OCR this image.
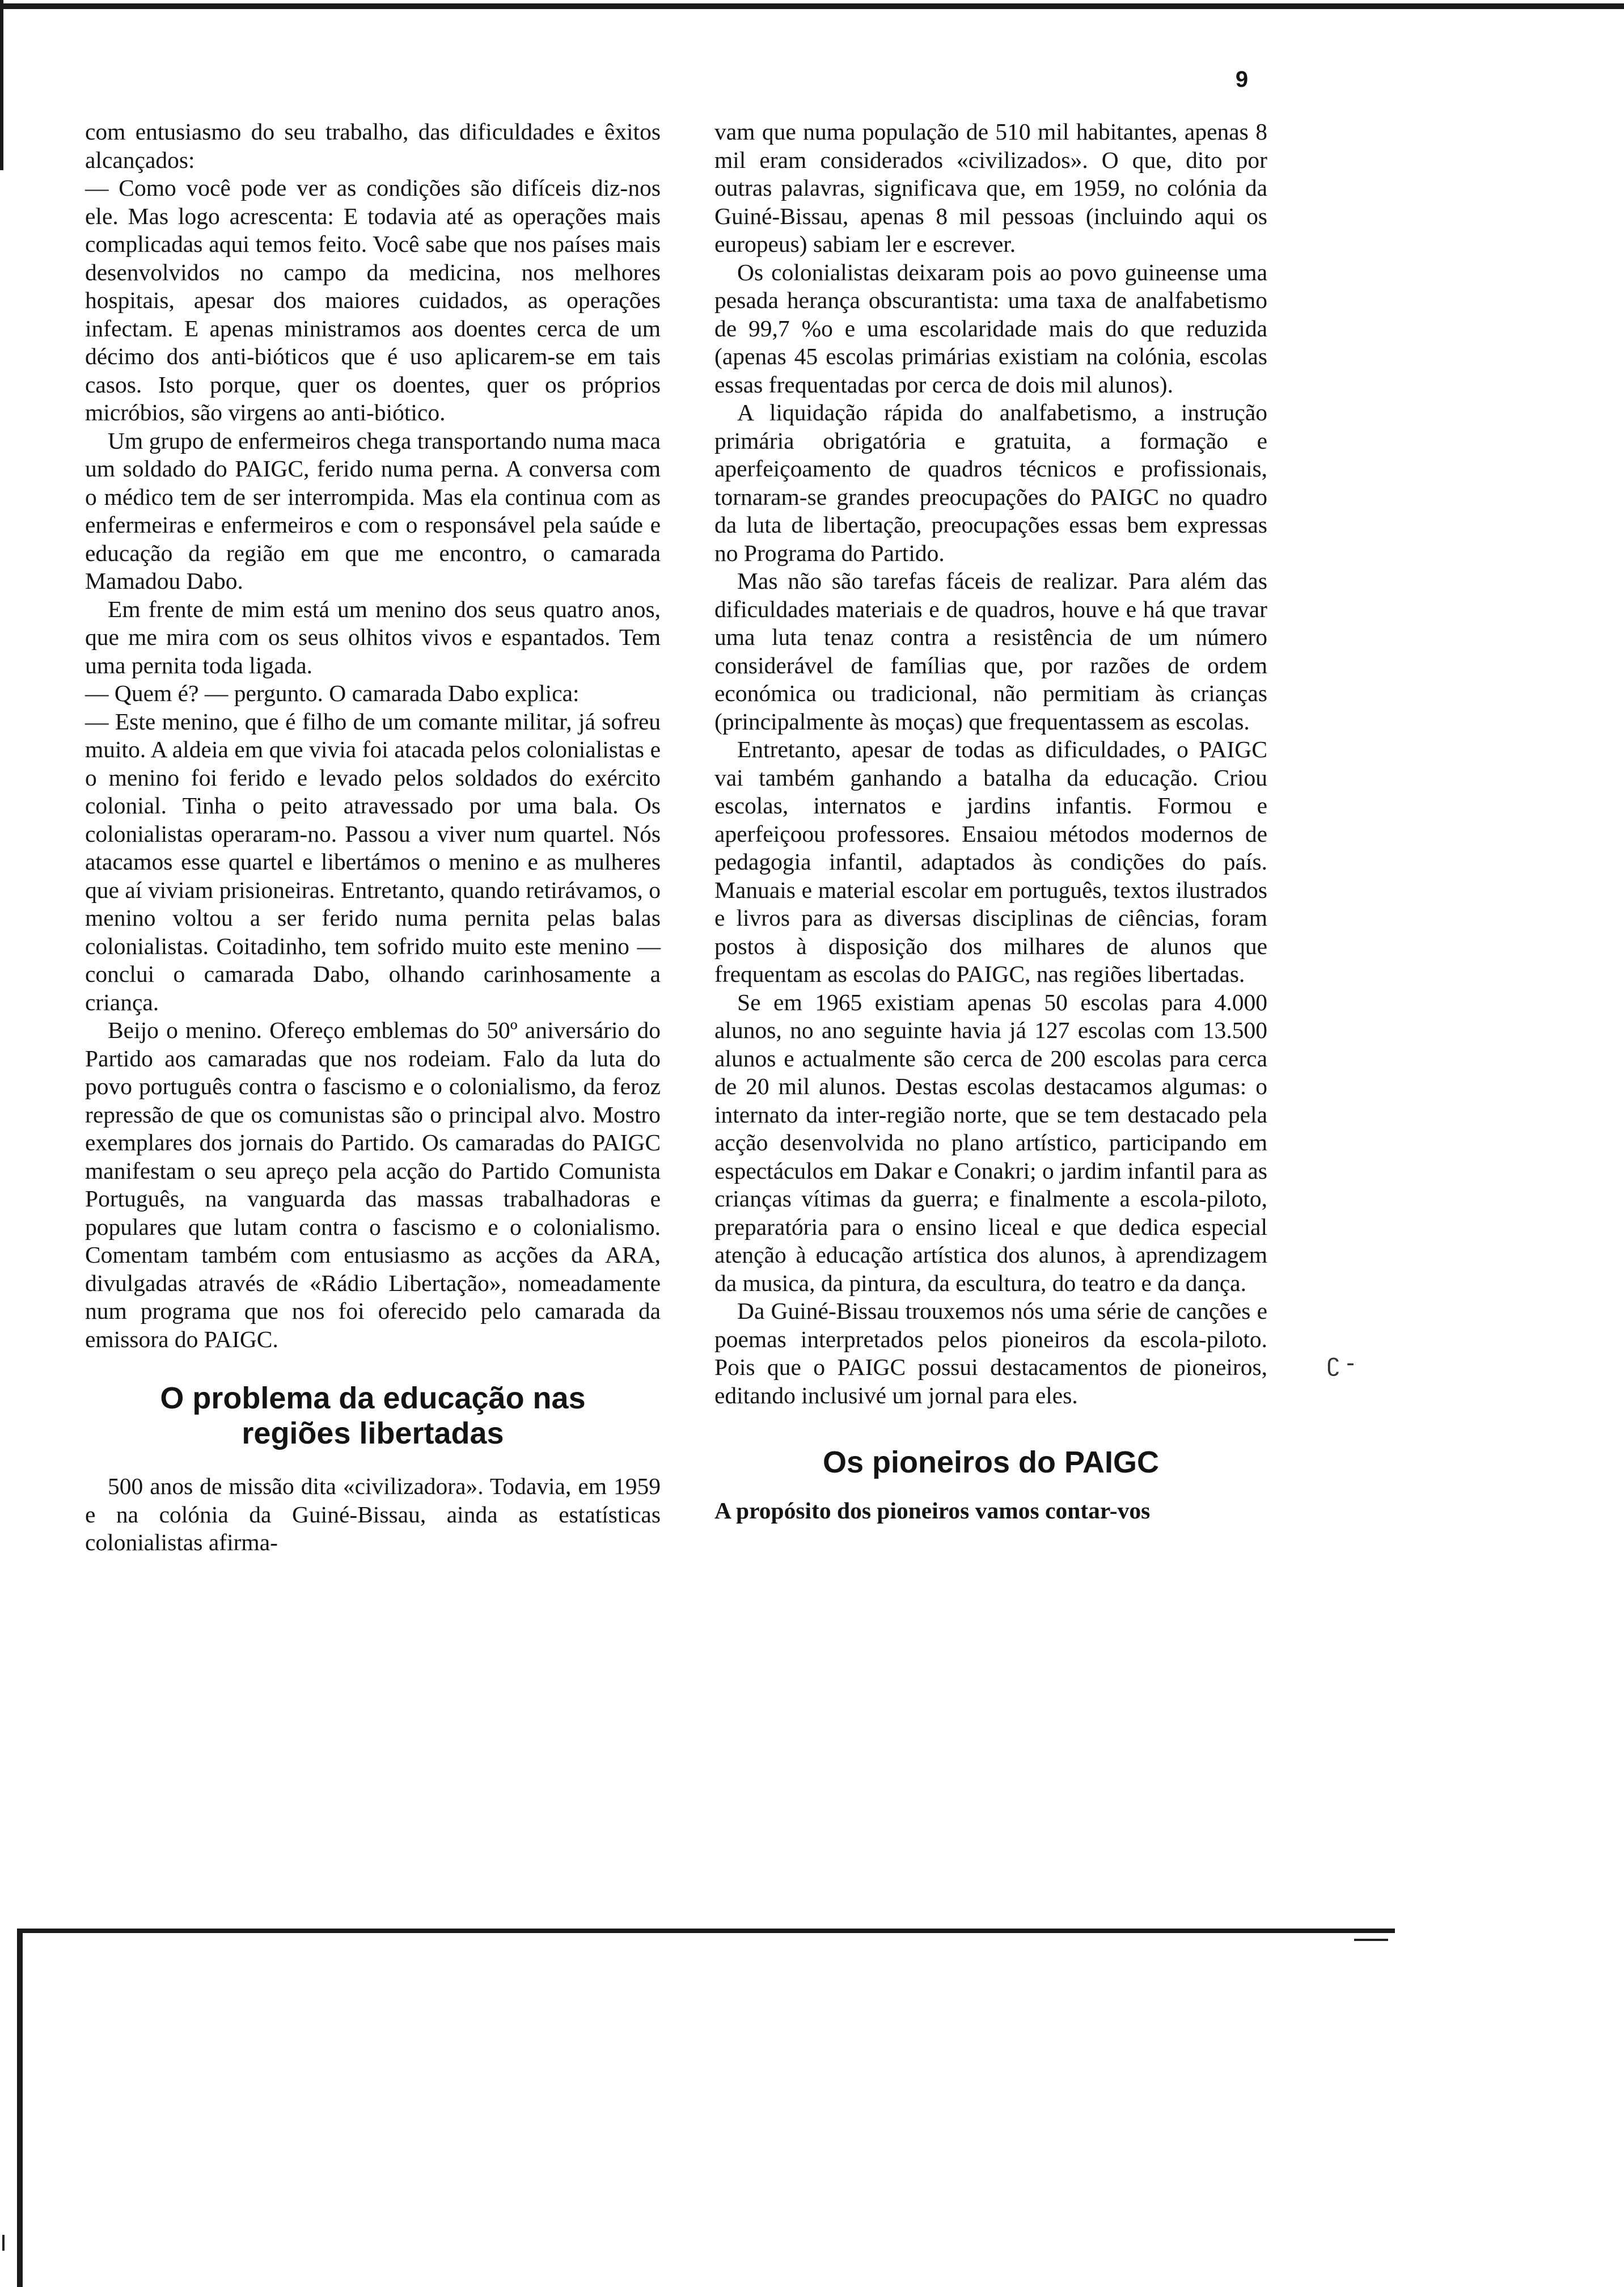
9

com entusiasmo do seu trabalho, das dificuldades e êxitos alcançados:

— Como você pode ver as condições são difíceis diz-nos ele. Mas logo acrescenta: E todavia até as operações mais complicadas aqui temos feito. Você sabe que nos países mais desenvolvidos no campo da medicina, nos melhores hospitais, apesar dos maiores cuidados, as operações infectam. E apenas ministramos aos doentes cerca de um décimo dos anti-bióticos que é uso aplicarem-se em tais casos. Isto porque, quer os doentes, quer os próprios micróbios, são virgens ao anti-biótico.

Um grupo de enfermeiros chega transportando numa maca um soldado do PAIGC, ferido numa perna. A conversa com o médico tem de ser interrompida. Mas ela continua com as enfermeiras e enfermeiros e com o responsável pela saúde e educação da região em que me encontro, o camarada Mamadou Dabo.

Em frente de mim está um menino dos seus quatro anos, que me mira com os seus olhitos vivos e espantados. Tem uma pernita toda ligada.

— Quem é? — pergunto. O camarada Dabo explica:

— Este menino, que é filho de um comante militar, já sofreu muito. A aldeia em que vivia foi atacada pelos colonialistas e o menino foi ferido e levado pelos soldados do exército colonial. Tinha o peito atravessado por uma bala. Os colonialistas operaram-no. Passou a viver num quartel. Nós atacamos esse quartel e libertámos o menino e as mulheres que aí viviam prisioneiras. Entretanto, quando retirávamos, o menino voltou a ser ferido numa pernita pelas balas colonialistas. Coitadinho, tem sofrido muito este menino — conclui o camarada Dabo, olhando carinhosamente a criança.

Beijo o menino. Ofereço emblemas do 50º aniversário do Partido aos camaradas que nos rodeiam. Falo da luta do povo português contra o fascismo e o colonialismo, da feroz repressão de que os comunistas são o principal alvo. Mostro exemplares dos jornais do Partido. Os camaradas do PAIGC manifestam o seu apreço pela acção do Partido Comunista Português, na vanguarda das massas trabalhadoras e populares que lutam contra o fascismo e o colonialismo. Comentam também com entusiasmo as acções da ARA, divulgadas através de «Rádio Libertação», nomeadamente num programa que nos foi oferecido pelo camarada da emissora do PAIGC.

O problema da educação nas
regiões libertadas

500 anos de missão dita «civilizadora». Todavia, em 1959 e na colónia da Guiné-Bissau, ainda as estatísticas colonialistas afirma-

vam que numa população de 510 mil habitantes, apenas 8 mil eram considerados «civilizados». O que, dito por outras palavras, significava que, em 1959, no colónia da Guiné-Bissau, apenas 8 mil pessoas (incluindo aqui os europeus) sabiam ler e escrever.

Os colonialistas deixaram pois ao povo guineense uma pesada herança obscurantista: uma taxa de analfabetismo de 99,7 %o e uma escolaridade mais do que reduzida (apenas 45 escolas primárias existiam na colónia, escolas essas frequentadas por cerca de dois mil alunos).

A liquidação rápida do analfabetismo, a instrução primária obrigatória e gratuita, a formação e aperfeiçoamento de quadros técnicos e profissionais, tornaram-se grandes preocupações do PAIGC no quadro da luta de libertação, preocupações essas bem expressas no Programa do Partido.

Mas não são tarefas fáceis de realizar. Para além das dificuldades materiais e de quadros, houve e há que travar uma luta tenaz contra a resistência de um número considerável de famílias que, por razões de ordem económica ou tradicional, não permitiam às crianças (principalmente às moças) que frequentassem as escolas.

Entretanto, apesar de todas as dificuldades, o PAIGC vai também ganhando a batalha da educação. Criou escolas, internatos e jardins infantis. Formou e aperfeiçoou professores. Ensaiou métodos modernos de pedagogia infantil, adaptados às condições do país. Manuais e material escolar em português, textos ilustrados e livros para as diversas disciplinas de ciências, foram postos à disposição dos milhares de alunos que frequentam as escolas do PAIGC, nas regiões libertadas.

Se em 1965 existiam apenas 50 escolas para 4.000 alunos, no ano seguinte havia já 127 escolas com 13.500 alunos e actualmente são cerca de 200 escolas para cerca de 20 mil alunos. Destas escolas destacamos algumas: o internato da inter-região norte, que se tem destacado pela acção desenvolvida no plano artístico, participando em espectáculos em Dakar e Conakri; o jardim infantil para as crianças vítimas da guerra; e finalmente a escola-piloto, preparatória para o ensino liceal e que dedica especial atenção à educação artística dos alunos, à aprendizagem da musica, da pintura, da escultura, do teatro e da dança.

Da Guiné-Bissau trouxemos nós uma série de canções e poemas interpretados pelos pioneiros da escola-piloto. Pois que o PAIGC possui destacamentos de pioneiros, editando inclusivé um jornal para eles.

Os pioneiros do PAIGC

A propósito dos pioneiros vamos contar-vos

ʗ -
